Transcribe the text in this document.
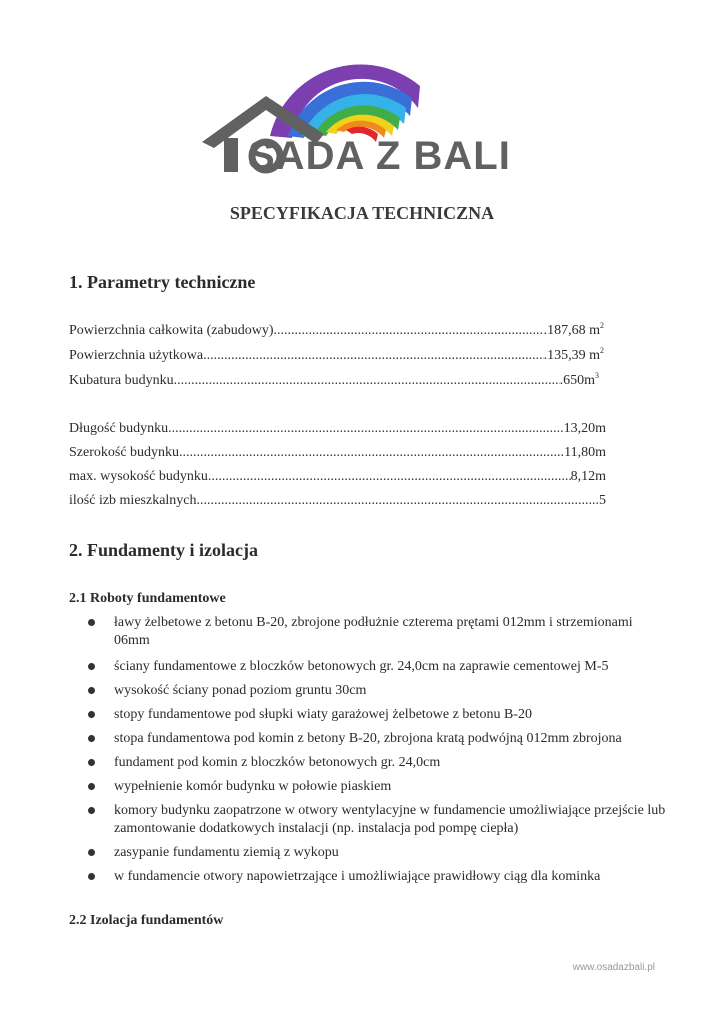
SADA Z BALI
SPECYFIKACJA TECHNICZNA
1. Parametry techniczne
Powierzchnia całkowita (zabudowy) .....	.187,68 $m^2$
Powierzchnia użytkowa .....	.135,39 $m^2$
Kubatura budynku .....	$.650m^3$
Długość budynku .....	13,20m
Szerokość budynku .....	11,80m
max. wysokość budynku .....	8,12m
ilość izb mieszkalnych .....	5
2. Fundamenty i izolacja
2.1 Roboty fundamentowe
ławy żelbetowe z betonu B-20, zbrojone podłużnie czterema prętami 012mm i strzemionami 06mm
ściany fundamentowe z bloczków betonowych gr. 24,0cm na zaprawie cementowej M-5
wysokość ściany ponad poziom gruntu 30cm
stopy fundamentowe pod słupki wiaty garażowej żelbetowe z betonu B-20
stopa fundamentowa pod komin z betony B-20, zbrojona kratą podwójną 012mm zbrojona
fundament pod komin z bloczków betonowych gr. 24,0cm
wypełnienie komór budynku w połowie piaskiem
komory budynku zaopatrzone w otwory wentylacyjne w fundamencie umożliwiające przejście lub zamontowanie dodatkowych instalacji (np. instalacja pod pompę ciepła)
zasypanie fundamentu ziemią z wykopu
w fundamencie otwory napowietrzające i umożliwiające prawidłowy ciąg dla kominka
2.2 Izolacja fundamentów
www.osadazbali.pl
